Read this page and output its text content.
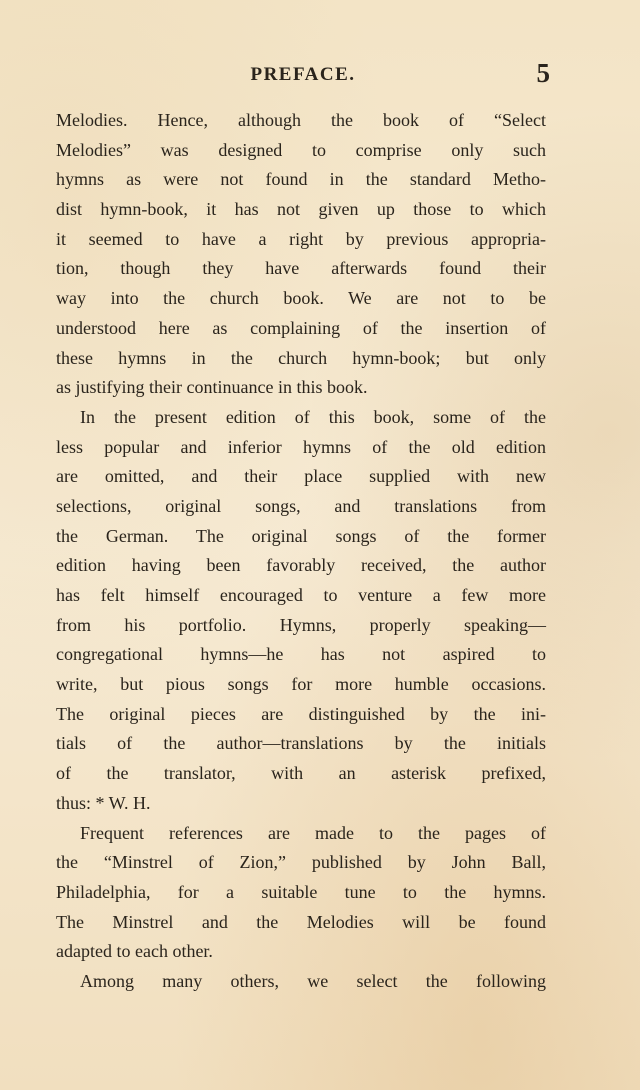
PREFACE.	5
Melodies. Hence, although the book of “Select
Melodies” was designed to comprise only such
hymns as were not found in the standard Metho-
dist hymn-book, it has not given up those to which
it seemed to have a right by previous appropria-
tion, though they have afterwards found their
way into the church book. We are not to be
understood here as complaining of the insertion of
these hymns in the church hymn-book; but only
as justifying their continuance in this book.
In the present edition of this book, some of the
less popular and inferior hymns of the old edition
are omitted, and their place supplied with new
selections, original songs, and translations from
the German. The original songs of the former
edition having been favorably received, the author
has felt himself encouraged to venture a few more
from his portfolio. Hymns, properly speaking—
congregational hymns—he has not aspired to
write, but pious songs for more humble occasions.
The original pieces are distinguished by the ini-
tials of the author—translations by the initials
of the translator, with an asterisk prefixed,
thus: * W. H.
Frequent references are made to the pages of
the “Minstrel of Zion,” published by John Ball,
Philadelphia, for a suitable tune to the hymns.
The Minstrel and the Melodies will be found
adapted to each other.
Among many others, we select the following
